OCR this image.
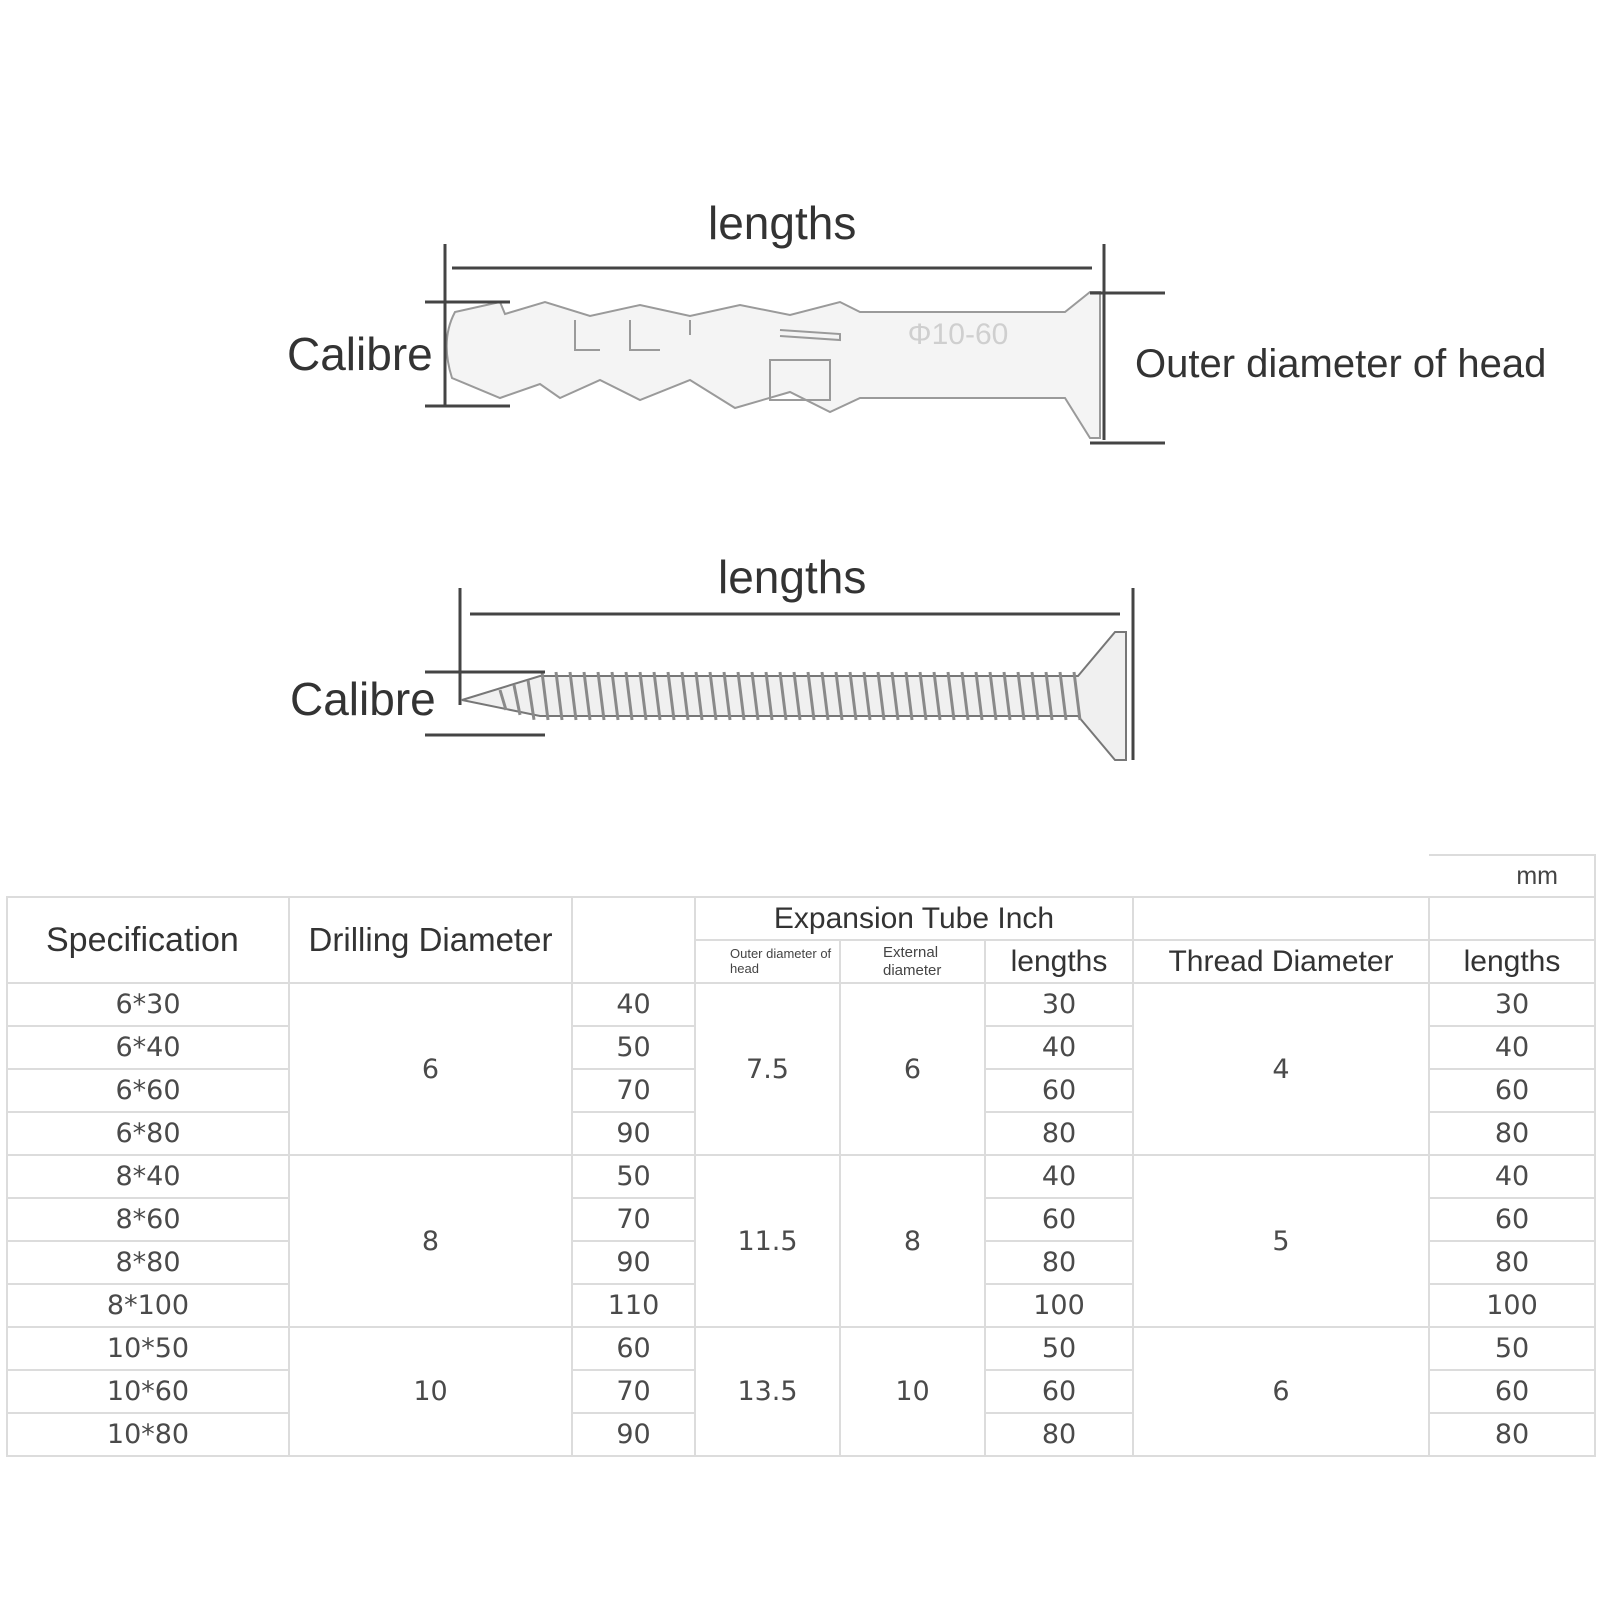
Φ10-60
lengths
Calibre	Outer diameter of head
lengths
Calibre
							mm
Specification	Drilling Diameter		Expansion Tube Inch				
			Outer diameter of head	External diameter	lengths	Thread Diameter	lengths
6*30	6	40	7.5	6	30	4	30
6*40		50			40		40
6*60		70			60		60
6*80		90			80		80
8*40	8	50	11.5	8	40	5	40
8*60		70			60		60
8*80		90			80		80
8*100		110			100		100
10*50	10	60	13.5	10	50	6	50
10*60		70			60		60
10*80		90			80		80
